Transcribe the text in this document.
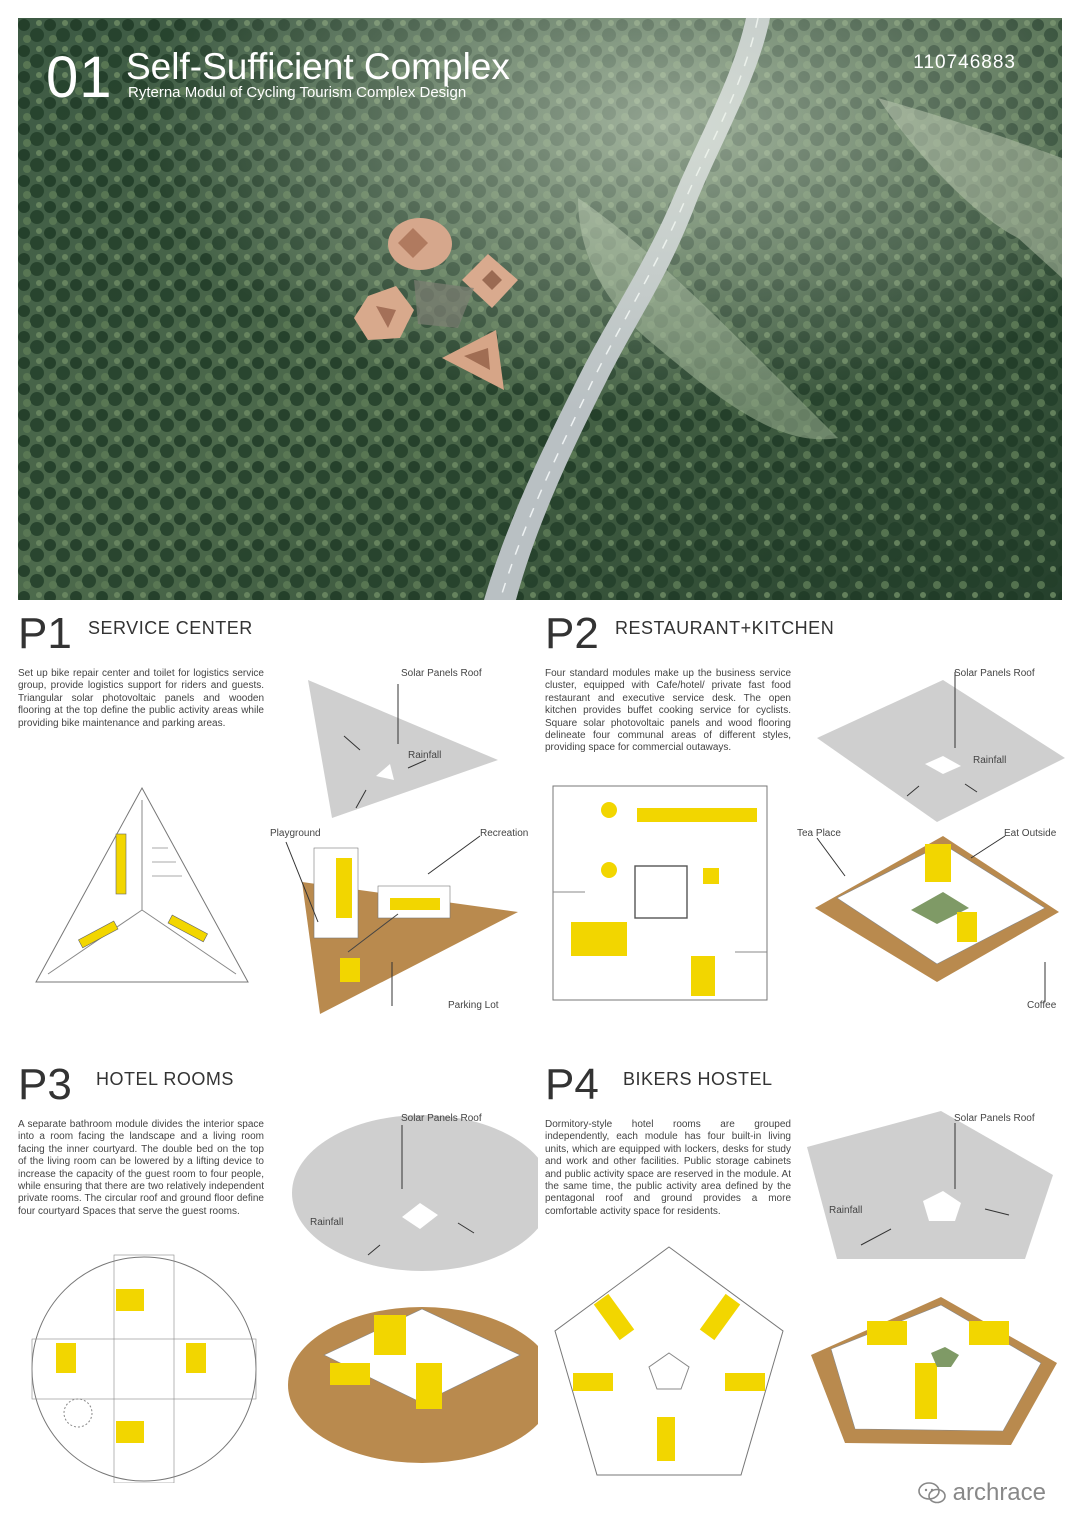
01 Self-Sufficient Complex
Ryterna Modul of Cycling Tourism Complex Design
110746883
P1 SERVICE CENTER
Set up bike repair center and toilet for logistics service group, provide logistics support for riders and guests. Triangular solar photovoltaic panels and wooden flooring at the top define the public activity areas while providing bike maintenance and parking areas.
Solar Panels Roof
Rainfall
Playground	Recreation
Parking Lot
P2 RESTAURANT+KITCHEN
Four standard modules make up the business service cluster, equipped with Cafe/hotel/ private fast food restaurant and executive service desk. The open kitchen provides buffet cooking service for cyclists. Square solar photovoltaic panels and wood flooring delineate four communal areas of different styles, providing space for commercial outaways.
Solar Panels Roof
Rainfall
Tea Place	Eat Outside
Coffee
P3 HOTEL ROOMS
A separate bathroom module divides the interior space into a room facing the landscape and a living room facing the inner courtyard. The double bed on the top of the living room can be lowered by a lifting device to increase the capacity of the guest room to four people, while ensuring that there are two relatively independent private rooms. The circular roof and ground floor define four courtyard Spaces that serve the guest rooms.
Solar Panels Roof
Rainfall
P4 BIKERS HOSTEL
Dormitory-style hotel rooms are grouped independently, each module has four built-in living units, which are equipped with lockers, desks for study and work and other facilities. Public storage cabinets and public activity space are reserved in the module. At the same time, the public activity area defined by the pentagonal roof and ground provides a more comfortable activity space for residents.
Solar Panels Roof
Rainfall
archrace
